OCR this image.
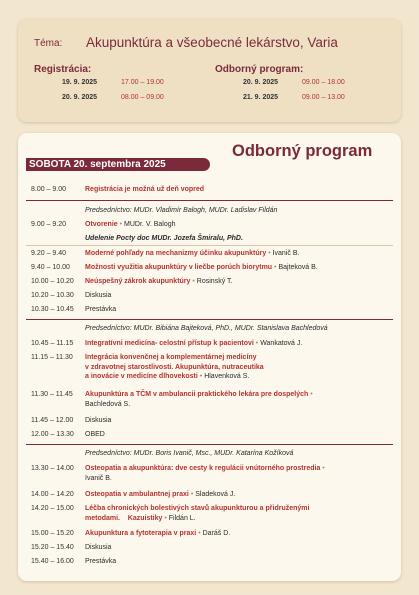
Téma: Akupunktúra a všeobecné lekárstvo, Varia
Registrácia:
19. 9. 2025	17.00 – 19.00
20. 9. 2025	08.00 – 09.00
Odborný program:
20. 9. 2025	09.00 – 18.00
21. 9. 2025	09.00 – 13.00
Odborný program
SOBOTA 20. septembra 2025
8.00 – 9.00	Registrácia je možná už deň vopred
Predsedníctvo: MUDr. Vladimír Balogh, MUDr. Ladislav Fildán
9.00 – 9.20	Otvorenie • MUDr. V. Balogh
Udelenie Pocty doc MUDr. Jozefa Šmiralu, PhD.
9.20 – 9.40	Moderné pohľady na mechanizmy účinku akupunktúry • Ivanič B.
9.40 – 10.00 Možnosti využitia akupunktúry v liečbe porúch biorytmu • Bajteková B.
10.00 – 10.20 Neúspešný zákrok akupunktúry • Rosinský T.
10.20 – 10.30 Diskusia
10.30 – 10.45 Prestávka
Predsedníctvo: MUDr. Bibiána Bajteková, PhD., MUDr. Stanislava Bachledová
10.45 – 11.15 Integratívni medicína- celostní přístup k pacientovi • Wankatová J.
11.15 – 11.30 Integrácia konvenčnej a komplementárnej medicíny
v zdravotnej starostlivosti. Akupunktúra, nutraceutika
a inovácie v medicíne dlhovekosti • Hlavenková S.
11.30 – 11.45 Akupunktúra a TČM v ambulancii praktického lekára pre dospelých •
Bachledová S.
11.45 – 12.00 Diskusia
12.00 – 13.30 OBED
Predsedníctvo: MUDr. Boris Ivanič, Msc., MUDr. Katarína Kožíková
13.30 – 14.00 Osteopatia a akupunktúra: dve cesty k regulácii vnútorného prostredia •
Ivanič B.
14.00 – 14.20 Osteopatia v ambulantnej praxi • Sladeková J.
14.20 – 15.00 Léčba chronických bolestivých stavů akupunkturou a přidruženými
metodami.    Kazuistiky • Fildán L.
15.00 – 15.20 Akupunktura a fytoterapia v praxi • Daráš D.
15.20 – 15.40 Diskusia
15.40 – 16.00 Prestávka
